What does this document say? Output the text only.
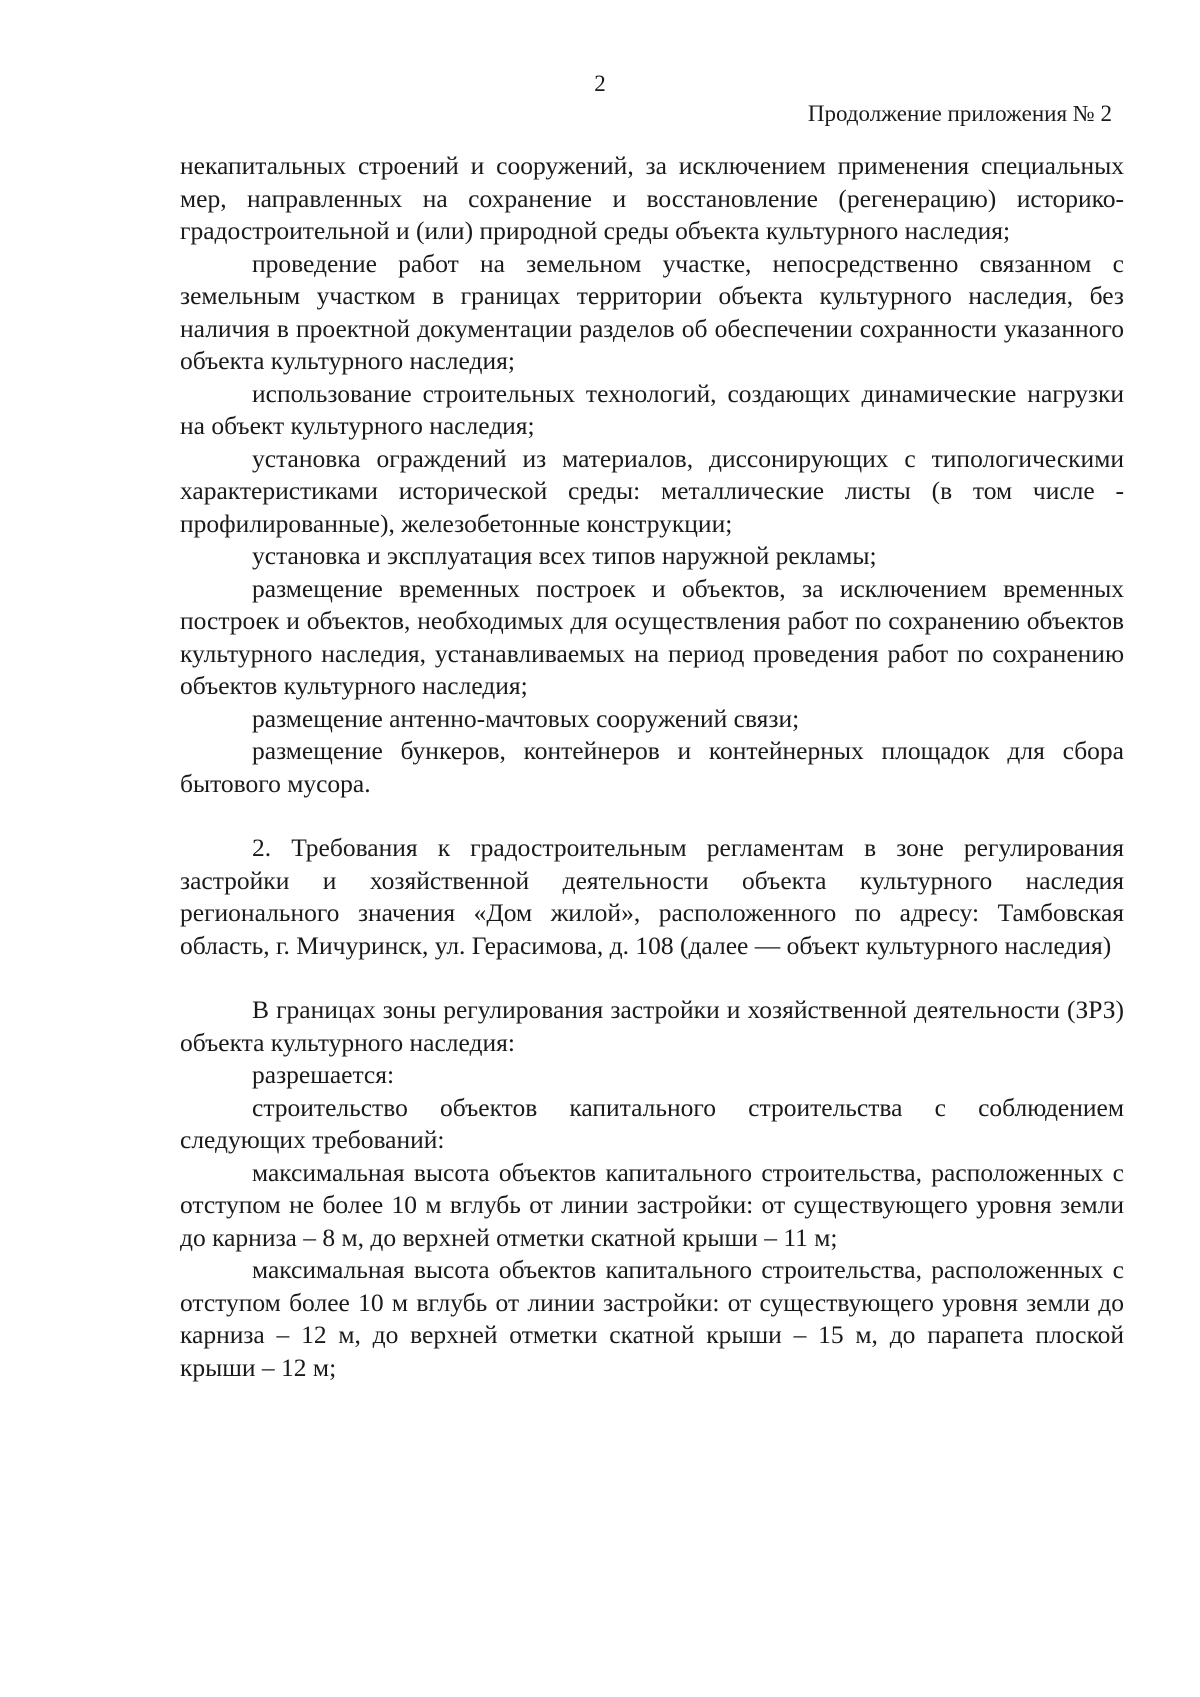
2
Продолжение приложения № 2

некапитальных строений и сооружений, за исключением применения специальных мер, направленных на сохранение и восстановление (регенерацию) историко-градостроительной и (или) природной среды объекта культурного наследия;

проведение работ на земельном участке, непосредственно связанном с земельным участком в границах территории объекта культурного наследия, без наличия в проектной документации разделов об обеспечении сохранности указанного объекта культурного наследия;

использование строительных технологий, создающих динамические нагрузки на объект культурного наследия;

установка ограждений из материалов, диссонирующих с типологическими характеристиками исторической среды: металлические листы (в том числе - профилированные), железобетонные конструкции;

установка и эксплуатация всех типов наружной рекламы;

размещение временных построек и объектов, за исключением временных построек и объектов, необходимых для осуществления работ по сохранению объектов культурного наследия, устанавливаемых на период проведения работ по сохранению объектов культурного наследия;

размещение антенно-мачтовых сооружений связи;

размещение бункеров, контейнеров и контейнерных площадок для сбора бытового мусора.

2. Требования к градостроительным регламентам в зоне регулирования застройки и хозяйственной деятельности объекта культурного наследия регионального значения «Дом жилой», расположенного по адресу: Тамбовская область, г. Мичуринск, ул. Герасимова, д. 108 (далее — объект культурного наследия)

В границах зоны регулирования застройки и хозяйственной деятельности (ЗРЗ) объекта культурного наследия:

разрешается:

строительство объектов капитального строительства с соблюдением следующих требований:

максимальная высота объектов капитального строительства, расположенных с отступом не более 10 м вглубь от линии застройки: от существующего уровня земли до карниза – 8 м, до верхней отметки скатной крыши – 11 м;

максимальная высота объектов капитального строительства, расположенных с отступом более 10 м вглубь от линии застройки: от существующего уровня земли до карниза – 12 м, до верхней отметки скатной крыши – 15 м, до парапета плоской крыши – 12 м;
